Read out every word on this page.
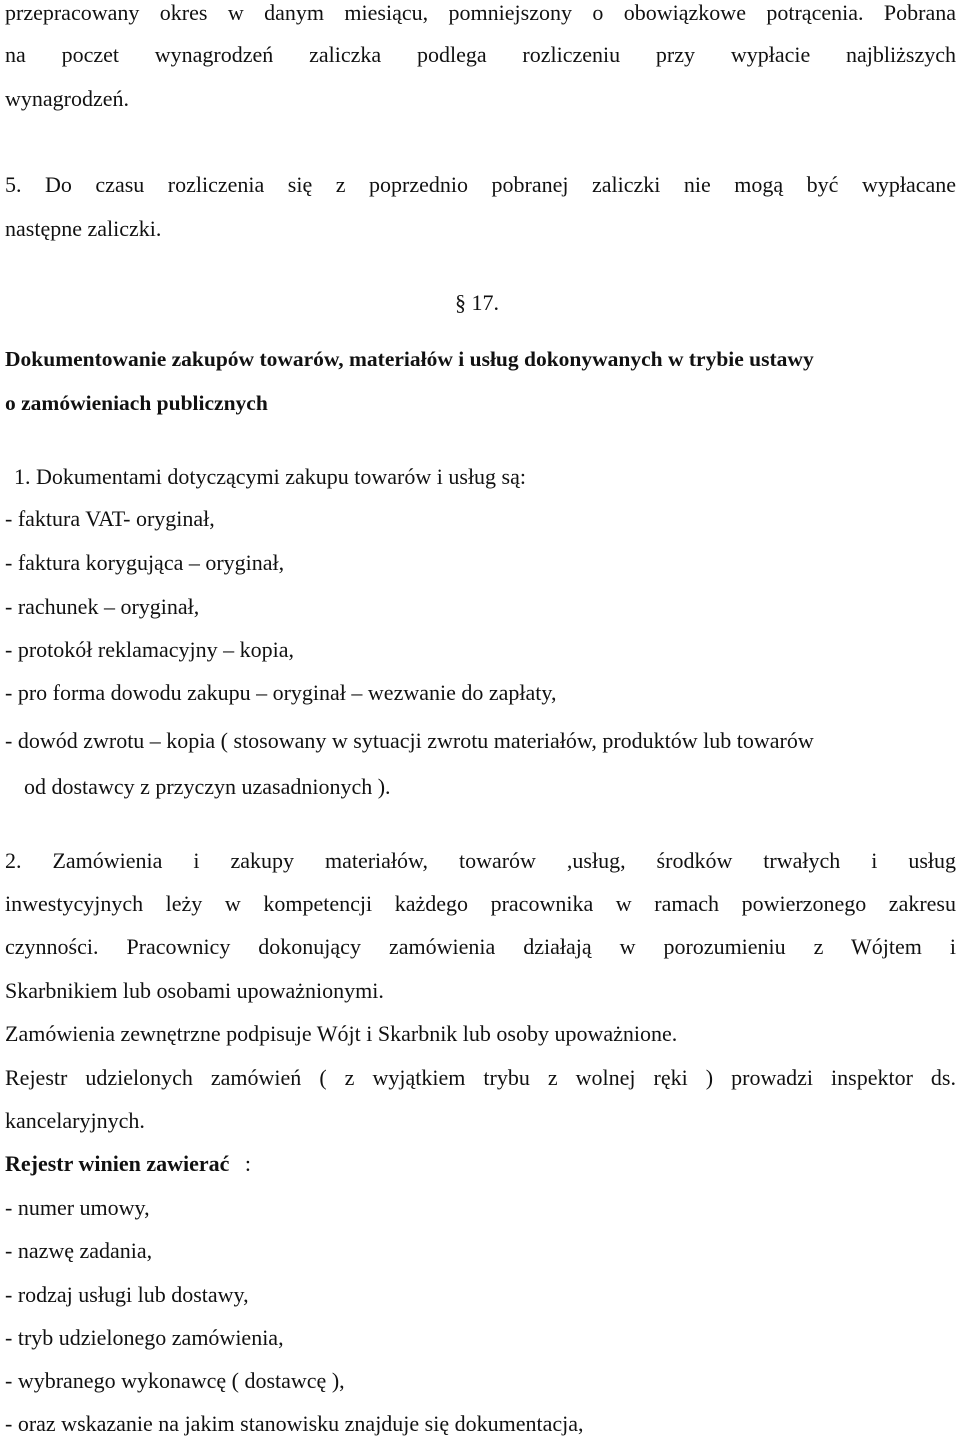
przepracowany okres w danym miesiącu, pomniejszony o obowiązkowe potrącenia. Pobrana
na poczet wynagrodzeń zaliczka podlega rozliczeniu przy wypłacie najbliższych
wynagrodzeń.
5. Do czasu rozliczenia się z poprzednio pobranej zaliczki nie mogą być wypłacane
następne zaliczki.
§ 17.
Dokumentowanie zakupów towarów, materiałów i usług dokonywanych w trybie ustawy
o zamówieniach publicznych
1. Dokumentami dotyczącymi zakupu towarów i usług są:
- faktura VAT- oryginał,
- faktura korygująca – oryginał,
- rachunek – oryginał,
- protokół reklamacyjny – kopia,
- pro forma dowodu zakupu – oryginał – wezwanie do zapłaty,
- dowód zwrotu – kopia ( stosowany w sytuacji zwrotu materiałów, produktów lub towarów
od dostawcy z przyczyn uzasadnionych ).
2. Zamówienia i zakupy materiałów, towarów ,usług, środków trwałych i usług
inwestycyjnych leży w kompetencji każdego pracownika w ramach powierzonego zakresu
czynności. Pracownicy dokonujący zamówienia działają w porozumieniu z Wójtem i
Skarbnikiem lub osobami upoważnionymi.
Zamówienia zewnętrzne podpisuje Wójt i Skarbnik lub osoby upoważnione.
Rejestr udzielonych zamówień ( z wyjątkiem trybu z wolnej ręki ) prowadzi inspektor ds.
kancelaryjnych.
Rejestr winien zawierać :
- numer umowy,
- nazwę zadania,
- rodzaj usługi lub dostawy,
- tryb udzielonego zamówienia,
- wybranego wykonawcę ( dostawcę ),
- oraz wskazanie na jakim stanowisku znajduje się dokumentacja,
